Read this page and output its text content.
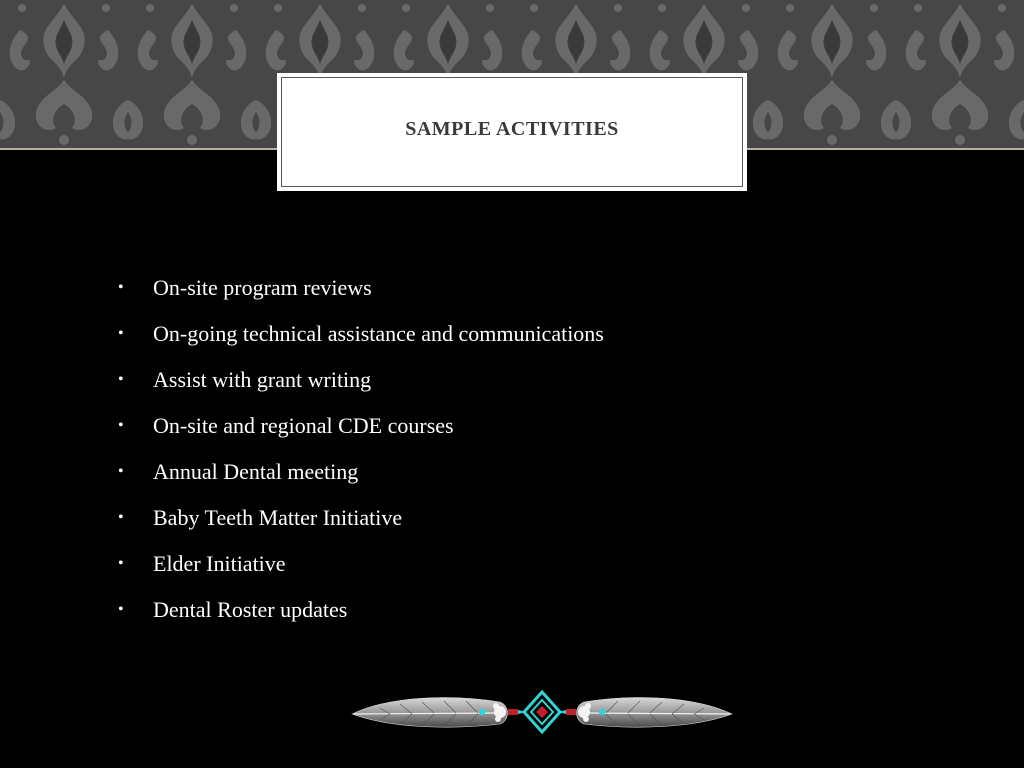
SAMPLE ACTIVITIES
•	On-site program reviews
•	On-going technical assistance and communications
•	Assist with grant writing
•	On-site and regional CDE courses
•	Annual Dental meeting
•	Baby Teeth Matter Initiative
•	Elder Initiative
•	Dental Roster updates
